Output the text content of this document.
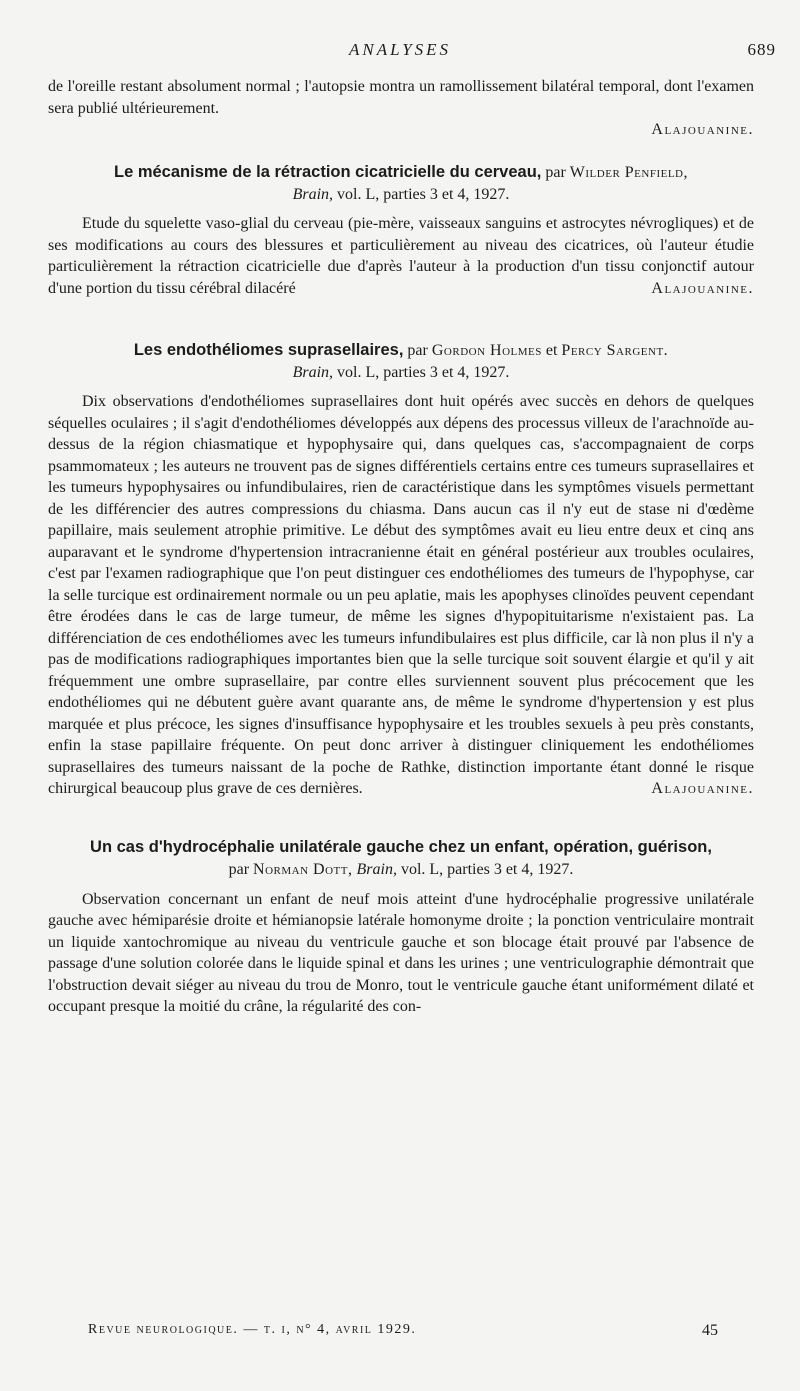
ANALYSES	689

de l'oreille restant absolument normal ; l'autopsie montra un ramollissement bilatéral temporal, dont l'examen sera publié ultérieurement.

Alajouanine.
Le mécanisme de la rétraction cicatricielle du cerveau, par Wilder Penfield,
Brain, vol. L, parties 3 et 4, 1927.

Etude du squelette vaso-glial du cerveau (pie-mère, vaisseaux sanguins et astrocytes névrogliques) et de ses modifications au cours des blessures et particulièrement au niveau des cicatrices, où l'auteur étudie particulièrement la rétraction cicatricielle due d'après l'auteur à la production d'un tissu conjonctif autour d'une portion du tissu cérébral dilacéré	Alajouanine.

Les endothéliomes suprasellaires, par Gordon Holmes et Percy Sargent.
Brain, vol. L, parties 3 et 4, 1927.

Dix observations d'endothéliomes suprasellaires dont huit opérés avec succès en dehors de quelques séquelles oculaires ; il s'agit d'endothéliomes développés aux dépens des processus villeux de l'arachnoïde au-dessus de la région chiasmatique et hypophysaire qui, dans quelques cas, s'accompagnaient de corps psammomateux ; les auteurs ne trouvent pas de signes différentiels certains entre ces tumeurs suprasellaires et les tumeurs hypophysaires ou infundibulaires, rien de caractéristique dans les symptômes visuels permettant de les différencier des autres compressions du chiasma. Dans aucun cas il n'y eut de stase ni d'œdème papillaire, mais seulement atrophie primitive. Le début des symptômes avait eu lieu entre deux et cinq ans auparavant et le syndrome d'hypertension intracranienne était en général postérieur aux troubles oculaires, c'est par l'examen radiographique que l'on peut distinguer ces endothéliomes des tumeurs de l'hypophyse, car la selle turcique est ordinairement normale ou un peu aplatie, mais les apophyses clinoïdes peuvent cependant être érodées dans le cas de large tumeur, de même les signes d'hypopituitarisme n'existaient pas. La différenciation de ces endothéliomes avec les tumeurs infundibulaires est plus difficile, car là non plus il n'y a pas de modifications radiographiques importantes bien que la selle turcique soit souvent élargie et qu'il y ait fréquemment une ombre suprasellaire, par contre elles surviennent souvent plus précocement que les endothéliomes qui ne débutent guère avant quarante ans, de même le syndrome d'hypertension y est plus marquée et plus précoce, les signes d'insuffisance hypophysaire et les troubles sexuels à peu près constants, enfin la stase papillaire fréquente. On peut donc arriver à distinguer cliniquement les endothéliomes suprasellaires des tumeurs naissant de la poche de Rathke, distinction importante étant donné le risque chirurgical beaucoup plus grave de ces dernières.	Alajouanine.

Un cas d'hydrocéphalie unilatérale gauche chez un enfant, opération, guérison,
par Norman Dott, Brain, vol. L, parties 3 et 4, 1927.

Observation concernant un enfant de neuf mois atteint d'une hydrocéphalie progressive unilatérale gauche avec hémiparésie droite et hémianopsie latérale homonyme droite ; la ponction ventriculaire montrait un liquide xantochromique au niveau du ventricule gauche et son blocage était prouvé par l'absence de passage d'une solution colorée dans le liquide spinal et dans les urines ; une ventriculographie démontrait que l'obstruction devait siéger au niveau du trou de Monro, tout le ventricule gauche étant uniformément dilaté et occupant presque la moitié du crâne, la régularité des con-

Revue neurologique. — t. i, n° 4, avril 1929.	45
